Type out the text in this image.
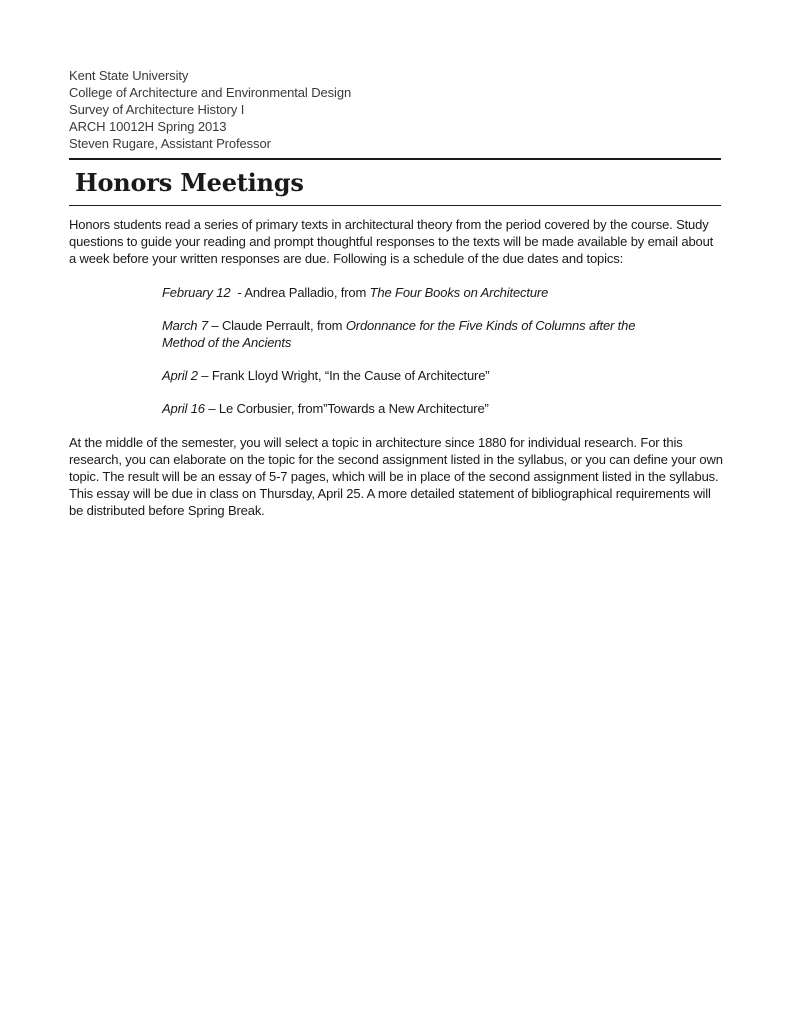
Kent State University
College of Architecture and Environmental Design
Survey of Architecture History I
ARCH 10012H Spring 2013
Steven Rugare, Assistant Professor
Honors Meetings

Honors students read a series of primary texts in architectural theory from the period covered by the course. Study questions to guide your reading and prompt thoughtful responses to the texts will be made available by email about a week before your written responses are due. Following is a schedule of the due dates and topics:

February 12  - Andrea Palladio, from The Four Books on Architecture
March 7 – Claude Perrault, from Ordonnance for the Five Kinds of Columns after the Method of the Ancients
April 2 – Frank Lloyd Wright, “In the Cause of Architecture”
April 16 – Le Corbusier, from”Towards a New Architecture”

At the middle of the semester, you will select a topic in architecture since 1880 for individual research. For this research, you can elaborate on the topic for the second assignment listed in the syllabus, or you can define your own topic. The result will be an essay of 5-7 pages, which will be in place of the second assignment listed in the syllabus. This essay will be due in class on Thursday, April 25. A more detailed statement of bibliographical requirements will be distributed before Spring Break.
